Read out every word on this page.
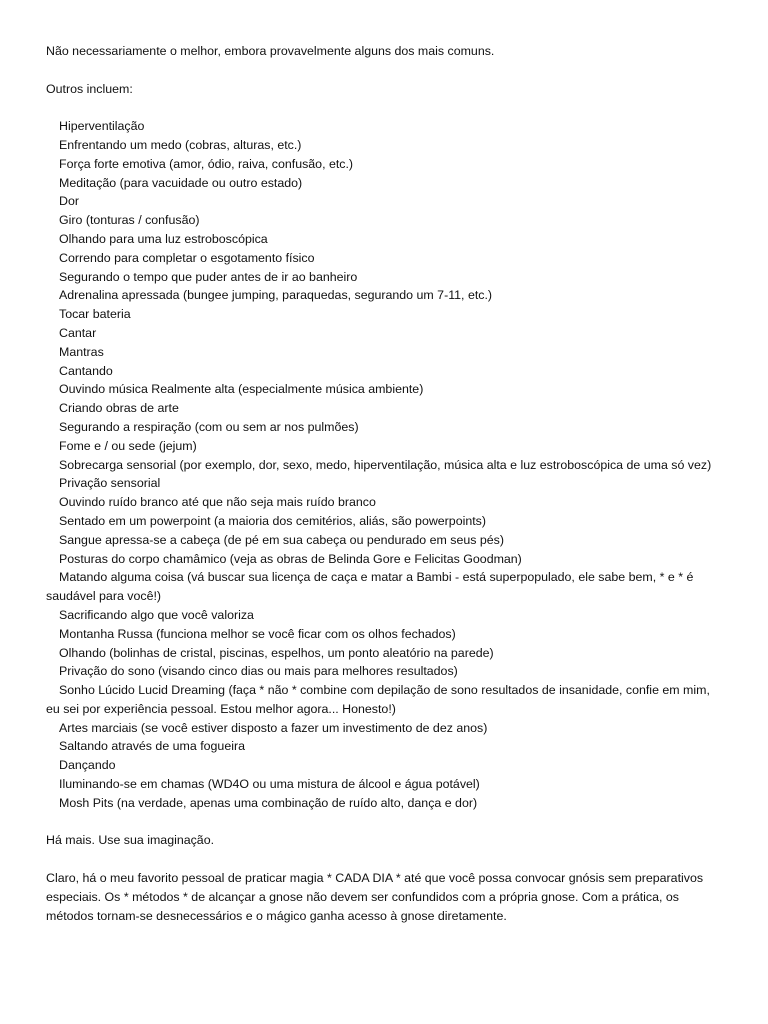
Não necessariamente o melhor, embora provavelmente alguns dos mais comuns.

Outros incluem:

Hiperventilação
Enfrentando um medo (cobras, alturas, etc.)
Força forte emotiva (amor, ódio, raiva, confusão, etc.)
Meditação (para vacuidade ou outro estado)
Dor
Giro (tonturas / confusão)
Olhando para uma luz estroboscópica
Correndo para completar o esgotamento físico
Segurando o tempo que puder antes de ir ao banheiro
Adrenalina apressada (bungee jumping, paraquedas, segurando um 7-11, etc.)
Tocar bateria
Cantar
Mantras
Cantando
Ouvindo música Realmente alta (especialmente música ambiente)
Criando obras de arte
Segurando a respiração (com ou sem ar nos pulmões)
Fome e / ou sede (jejum)
Sobrecarga sensorial (por exemplo, dor, sexo, medo, hiperventilação, música alta e luz estroboscópica de uma só vez)
Privação sensorial
Ouvindo ruído branco até que não seja mais ruído branco
Sentado em um powerpoint (a maioria dos cemitérios, aliás, são powerpoints)
Sangue apressa-se a cabeça (de pé em sua cabeça ou pendurado em seus pés)
Posturas do corpo chamâmico (veja as obras de Belinda Gore e Felicitas Goodman)
Matando alguma coisa (vá buscar sua licença de caça e matar a Bambi - está superpopulado, ele sabe bem, * e * é saudável para você!)
Sacrificando algo que você valoriza
Montanha Russa (funciona melhor se você ficar com os olhos fechados)
Olhando (bolinhas de cristal, piscinas, espelhos, um ponto aleatório na parede)
Privação do sono (visando cinco dias ou mais para melhores resultados)
Sonho Lúcido Lucid Dreaming (faça * não * combine com depilação de sono resultados de insanidade, confie em mim, eu sei por experiência pessoal. Estou melhor agora... Honesto!)
Artes marciais (se você estiver disposto a fazer um investimento de dez anos)
Saltando através de uma fogueira
Dançando
Iluminando-se em chamas (WD4O ou uma mistura de álcool e água potável)
Mosh Pits (na verdade, apenas uma combinação de ruído alto, dança e dor)

Há mais. Use sua imaginação.

Claro, há o meu favorito pessoal de praticar magia * CADA DIA * até que você possa convocar gnósis sem preparativos especiais. Os * métodos * de alcançar a gnose não devem ser confundidos com a própria gnose. Com a prática, os métodos tornam-se desnecessários e o mágico ganha acesso à gnose diretamente.
